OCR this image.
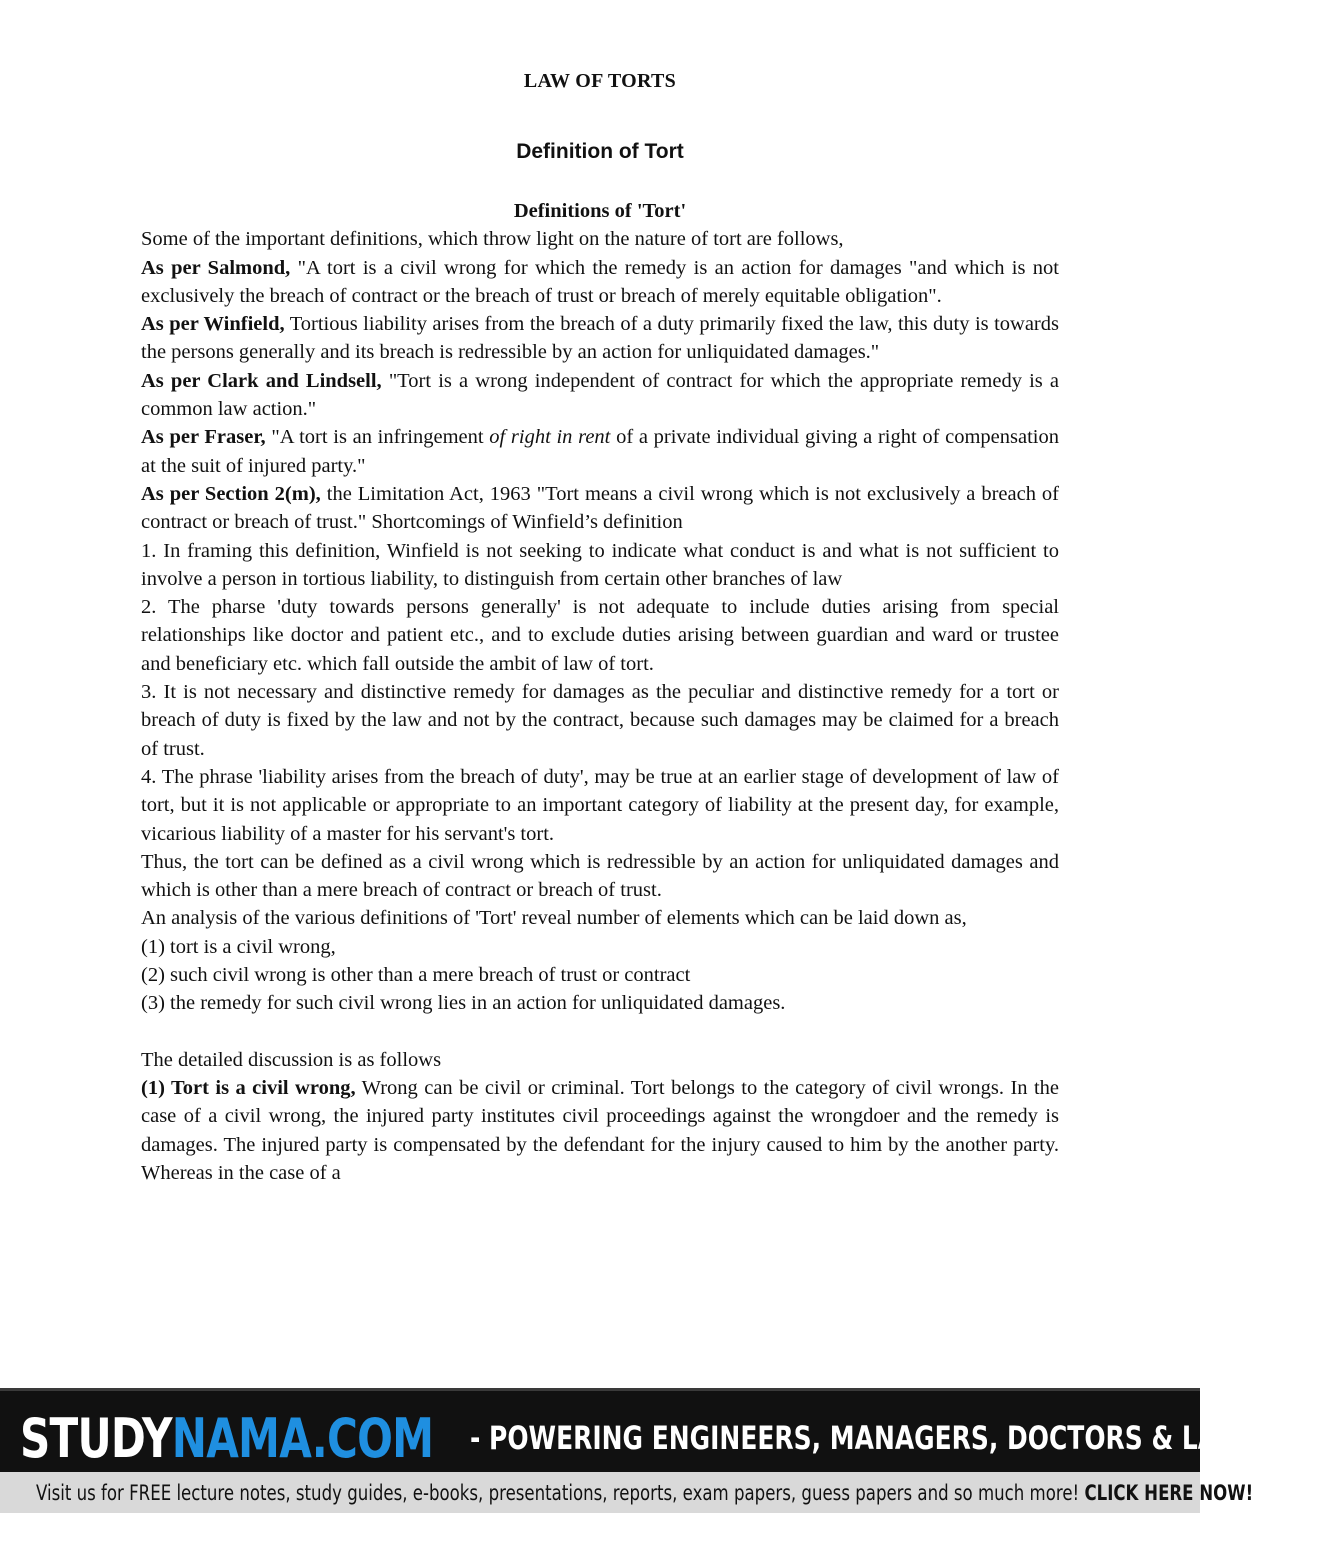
LAW OF TORTS
Definition of Tort
Definitions of 'Tort'
Some of the important definitions, which throw light on the nature of tort are follows,
As per Salmond, "A tort is a civil wrong for which the remedy is an action for damages "and which is not exclusively the breach of contract or the breach of trust or breach of merely equitable obligation".
As per Winfield, Tortious liability arises from the breach of a duty primarily fixed the law, this duty is towards the persons generally and its breach is redressible by an action for unliquidated damages."
As per Clark and Lindsell, "Tort is a wrong independent of contract for which the appropriate remedy is a common law action."
As per Fraser, "A tort is an infringement of right in rent of a private individual giving a right of compensation at the suit of injured party."
As per Section 2(m), the Limitation Act, 1963 "Tort means a civil wrong which is not exclusively a breach of contract or breach of trust." Shortcomings of Winfield’s definition
1. In framing this definition, Winfield is not seeking to indicate what conduct is and what is not sufficient to involve a person in tortious liability, to distinguish from certain other branches of law
2. The pharse 'duty towards persons generally' is not adequate to include duties arising from special relationships like doctor and patient etc., and to exclude duties arising between guardian and ward or trustee and beneficiary etc. which fall outside the ambit of law of tort.
3. It is not necessary and distinctive remedy for damages as the peculiar and distinctive remedy for a tort or breach of duty is fixed by the law and not by the contract, because such damages may be claimed for a breach of trust.
4. The phrase 'liability arises from the breach of duty', may be true at an earlier stage of development of law of tort, but it is not applicable or appropriate to an important category of liability at the present day, for example, vicarious liability of a master for his servant's tort.
Thus, the tort can be defined as a civil wrong which is redressible by an action for unliquidated damages and which is other than a mere breach of contract or breach of trust.
An analysis of the various definitions of 'Tort' reveal number of elements which can be laid down as,
(1) tort is a civil wrong,
(2) such civil wrong is other than a mere breach of trust or contract
(3) the remedy for such civil wrong lies in an action for unliquidated damages.
The detailed discussion is as follows
(1) Tort is a civil wrong, Wrong can be civil or criminal. Tort belongs to the category of civil wrongs. In the case of a civil wrong, the injured party institutes civil proceedings against the wrongdoer and the remedy is damages. The injured party is compensated by the defendant for the injury caused to him by the another party. Whereas in the case of a
STUDYNAMA.COM - POWERING ENGINEERS, MANAGERS, DOCTORS & LAWYERS.
Visit us for FREE lecture notes, study guides, e-books, presentations, reports, exam papers, guess papers and so much more! CLICK HERE NOW!
